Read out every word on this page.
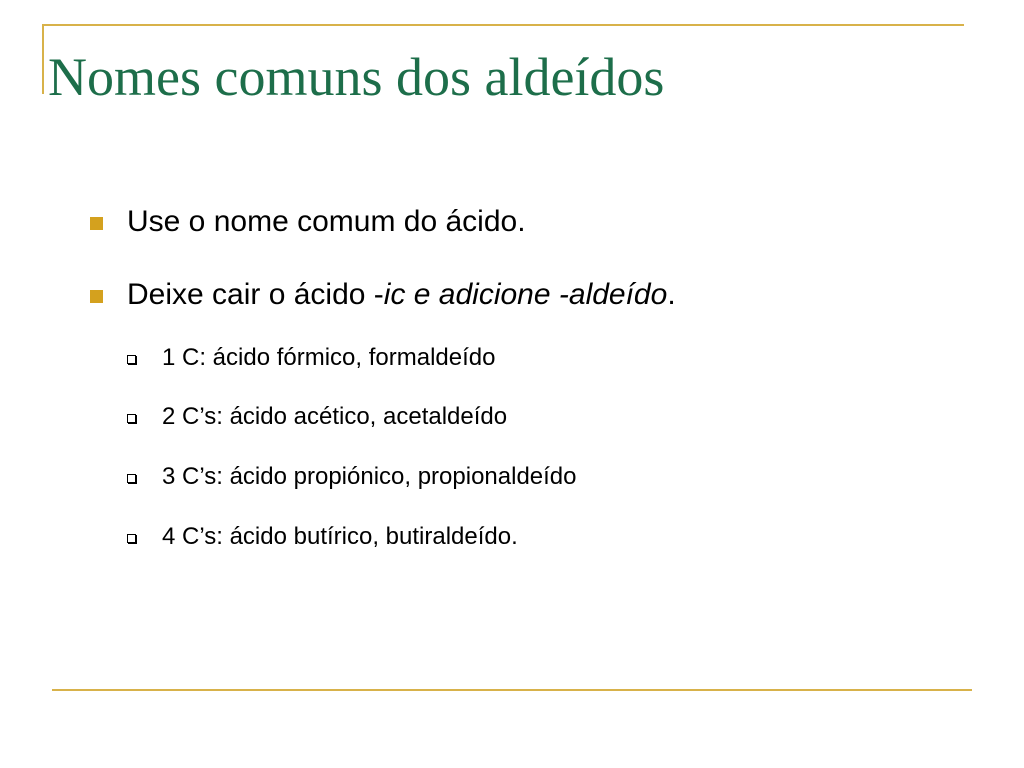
Nomes comuns dos aldeídos
Use o nome comum do ácido.
Deixe cair o ácido -ic e adicione -aldeído.
1 C: ácido fórmico, formaldeído
2 C’s: ácido acético, acetaldeído
3 C’s: ácido propiónico, propionaldeído
4 C’s: ácido butírico, butiraldeído.
